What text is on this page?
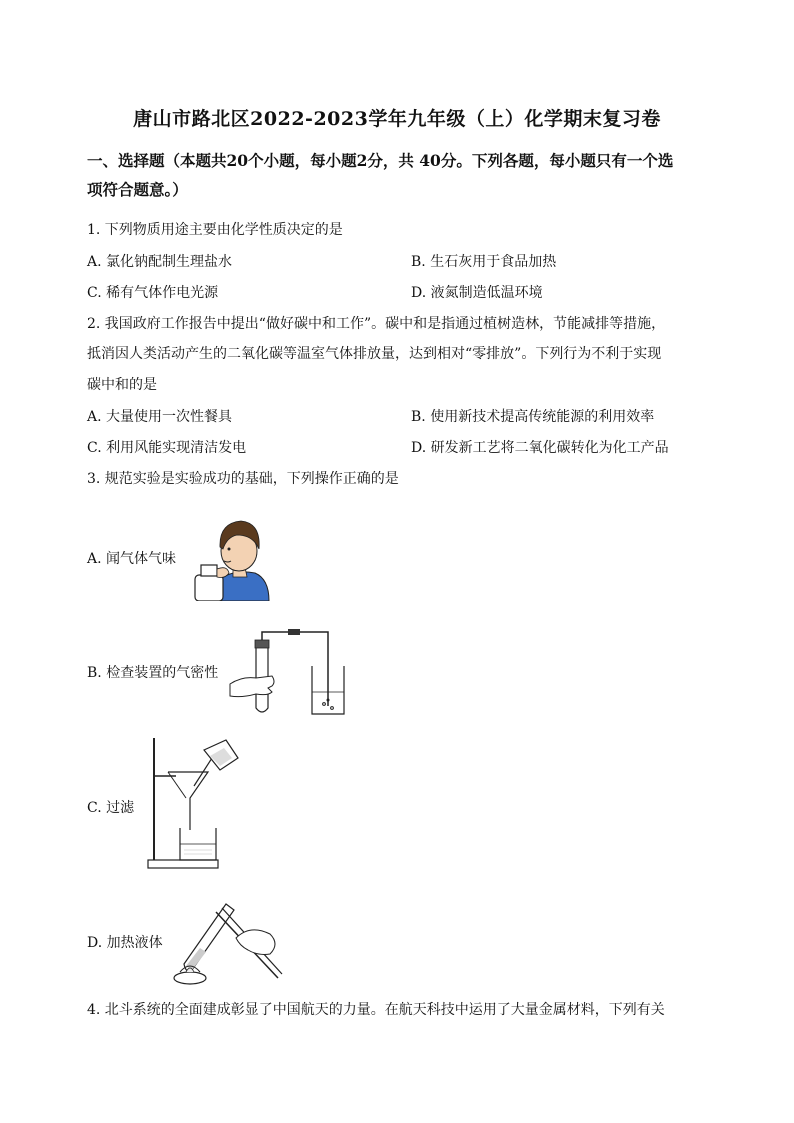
唐山市路北区2022-2023学年九年级（上）化学期末复习卷
一、选择题（本题共20个小题，每小题2分，共 40分。下列各题，每小题只有一个选
项符合题意。）
1. 下列物质用途主要由化学性质决定的是
A. 氯化钠配制生理盐水	B. 生石灰用于食品加热
C. 稀有气体作电光源	D. 液氮制造低温环境
2. 我国政府工作报告中提出“做好碳中和工作”。碳中和是指通过植树造林，节能减排等措施，
抵消因人类活动产生的二氧化碳等温室气体排放量，达到相对“零排放”。下列行为不利于实现
碳中和的是
A. 大量使用一次性餐具	B. 使用新技术提高传统能源的利用效率
C. 利用风能实现清洁发电	D. 研发新工艺将二氧化碳转化为化工产品
3. 规范实验是实验成功的基础，下列操作正确的是
A. 闻气体气味
B. 检查装置的气密性
C. 过滤
D. 加热液体
4. 北斗系统的全面建成彰显了中国航天的力量。在航天科技中运用了大量金属材料，下列有关
